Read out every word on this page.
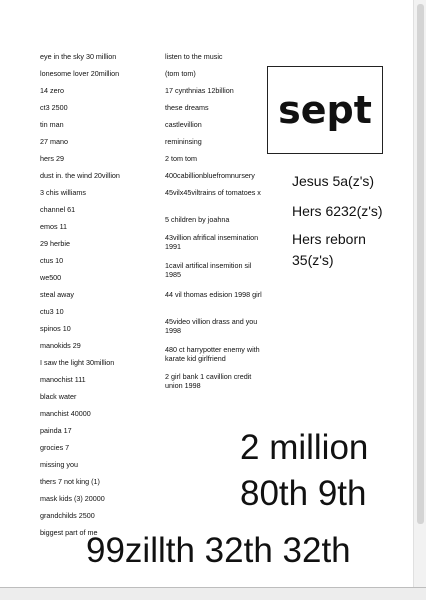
eye in the sky 30 million
lonesome lover 20million
14 zero
ct3 2500
tin man
27 mano
hers 29
dust in. the wind 20villion
3 chis williams
channel 61
emos 11
29 herbie
ctus 10
we500
steal away
ctu3 10
spinos 10
manokids 29
I saw the light 30million
manochist 111
black water
manchist 40000
painda 17
grocies 7
missing you
thers 7 not king (1)
mask kids (3) 20000
grandchilds 2500
biggest part of me
listen to the music
(tom tom)
17 cynthnias 12billion
these dreams
castlevillion
remininsing
2 tom tom
400cabillionbluefromnursery
45vilx45viltrains of tomatoes x
5 children by joahna
43villion afrifical insemination 1991
1cavil artifical insemition sil 1985
44 vil thomas edision 1998 girl
45video villion drass and you 1998
480 ct harrypotter enemy with karate kid girlfriend
2 girl bank 1 cavillion credit union 1998
sept
Jesus 5a(z's)
Hers 6232(z's)
Hers reborn
35(z's)
2 million
80th 9th
99zillth 32th 32th
